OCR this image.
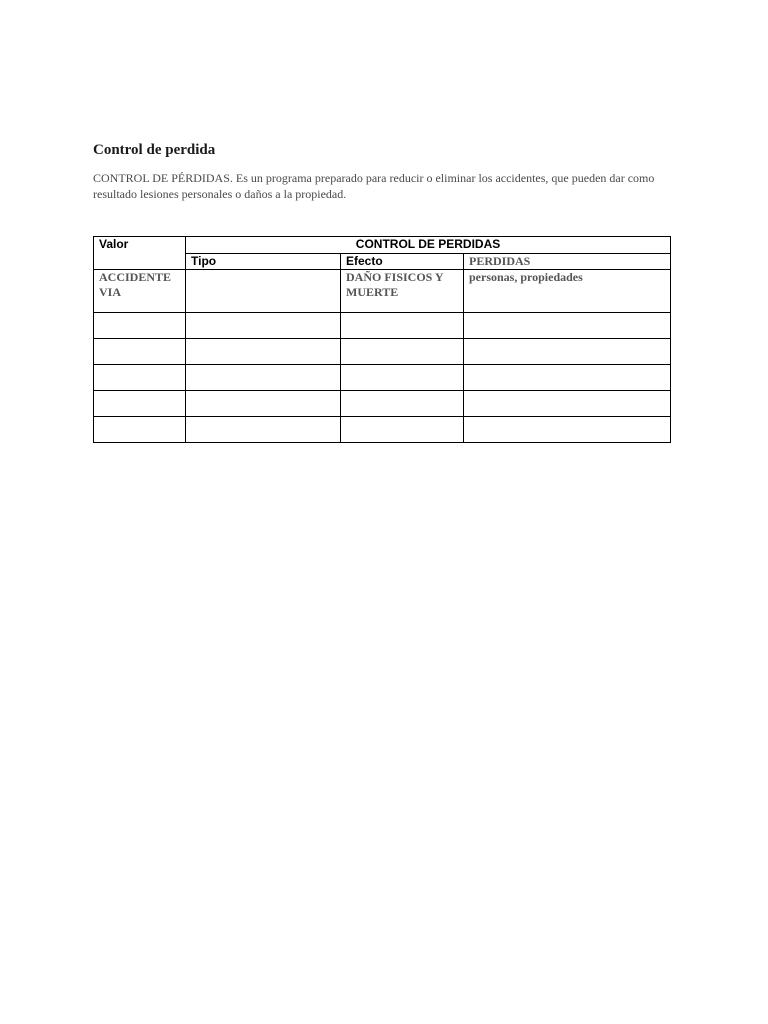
Control de perdida

CONTROL DE PÉRDIDAS. Es un programa preparado para reducir o eliminar los accidentes, que pueden dar como resultado lesiones personales o daños a la propiedad.

Valor	CONTROL DE PERDIDAS		
	Tipo	Efecto	PERDIDAS
ACCIDENTE VIA		DAÑO FISICOS Y MUERTE	personas, propiedades
